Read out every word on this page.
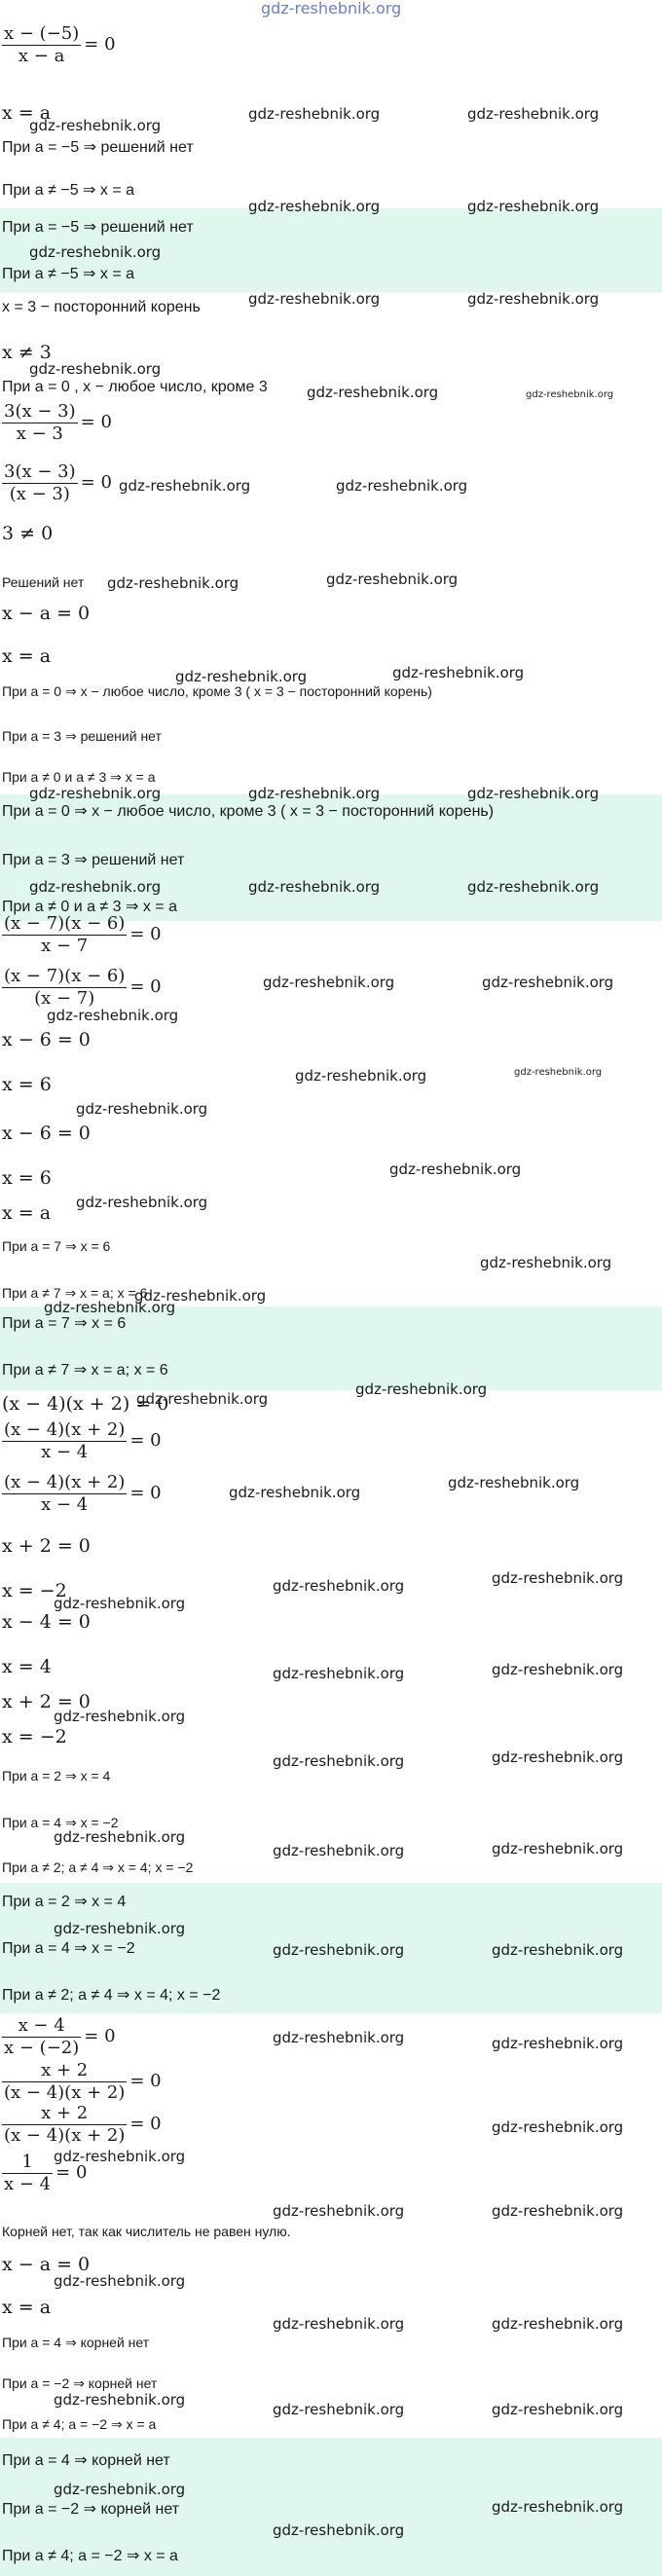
gdz-reshebnik.org
x − (−5)
x − a
= 0
3(x − 3)
x − 3
= 0
3(x − 3)
(x − 3)
= 0
(x − 7)(x − 6)
x − 7
= 0
(x − 7)(x − 6)
(x − 7)
= 0
(x − 4)(x + 2)
x − 4
= 0
(x − 4)(x + 2)
x − 4
= 0
x − 4
x − (−2)
= 0
x + 2
(x − 4)(x + 2)
= 0
x + 2
(x − 4)(x + 2)
= 0
1
x − 4
= 0
x = a
При a = −5 ⇒ решений нет
При a ≠ −5 ⇒ x = a
При a = −5 ⇒ решений нет
При a ≠ −5 ⇒ x = a
x = 3 − посторонний корень
x ≠ 3
При a = 0 , x − любое число, кроме 3
3 ≠ 0
Решений нет
x − a = 0
x = a
При a = 0 ⇒ x − любое число, кроме 3 ( x = 3 − посторонний корень)
При a = 3 ⇒ решений нет
При a ≠ 0 и a ≠ 3 ⇒ x = a
При a = 0 ⇒ x − любое число, кроме 3 ( x = 3 − посторонний корень)
При a = 3 ⇒ решений нет
При a ≠ 0 и a ≠ 3 ⇒ x = a
x − 6 = 0
x = 6
x − 6 = 0
x = 6
x = a
При a = 7 ⇒ x = 6
При a ≠ 7 ⇒ x = a; x = 6
При a = 7 ⇒ x = 6
При a ≠ 7 ⇒ x = a; x = 6
(x − 4)(x + 2) = 0
x + 2 = 0
x = −2
x − 4 = 0
x = 4
x + 2 = 0
x = −2
При a = 2 ⇒ x = 4
При a = 4 ⇒ x = −2
При a ≠ 2; a ≠ 4 ⇒ x = 4; x = −2
При a = 2 ⇒ x = 4
При a = 4 ⇒ x = −2
При a ≠ 2; a ≠ 4 ⇒ x = 4; x = −2
Корней нет, так как числитель не равен нулю.
x − a = 0
x = a
При a = 4 ⇒ корней нет
При a = −2 ⇒ корней нет
При a ≠ 4; a = −2 ⇒ x = a
При a = 4 ⇒ корней нет
При a = −2 ⇒ корней нет
При a ≠ 4; a = −2 ⇒ x = a
gdz-reshebnik.org
gdz-reshebnik.org	gdz-reshebnik.org
gdz-reshebnik.org	gdz-reshebnik.org
gdz-reshebnik.org
gdz-reshebnik.org	gdz-reshebnik.org
gdz-reshebnik.org
gdz-reshebnik.org	gdz-reshebnik.org
gdz-reshebnik.org	gdz-reshebnik.org
gdz-reshebnik.org	gdz-reshebnik.org
gdz-reshebnik.org	gdz-reshebnik.org
gdz-reshebnik.org	gdz-reshebnik.org	gdz-reshebnik.org
gdz-reshebnik.org	gdz-reshebnik.org	gdz-reshebnik.org
gdz-reshebnik.org	gdz-reshebnik.org
gdz-reshebnik.org
gdz-reshebnik.org	gdz-reshebnik.org
gdz-reshebnik.org
gdz-reshebnik.org
gdz-reshebnik.org
gdz-reshebnik.org
gdz-reshebnik.org
gdz-reshebnik.org
gdz-reshebnik.org
gdz-reshebnik.org
gdz-reshebnik.org
gdz-reshebnik.org
gdz-reshebnik.org	gdz-reshebnik.org
gdz-reshebnik.org
gdz-reshebnik.org	gdz-reshebnik.org
gdz-reshebnik.org
gdz-reshebnik.org	gdz-reshebnik.org
gdz-reshebnik.org
gdz-reshebnik.org	gdz-reshebnik.org
gdz-reshebnik.org
gdz-reshebnik.org	gdz-reshebnik.org
gdz-reshebnik.org	gdz-reshebnik.org
gdz-reshebnik.org
gdz-reshebnik.org
gdz-reshebnik.org	gdz-reshebnik.org
gdz-reshebnik.org
gdz-reshebnik.org	gdz-reshebnik.org
gdz-reshebnik.org
gdz-reshebnik.org	gdz-reshebnik.org
gdz-reshebnik.org
gdz-reshebnik.org
gdz-reshebnik.org
